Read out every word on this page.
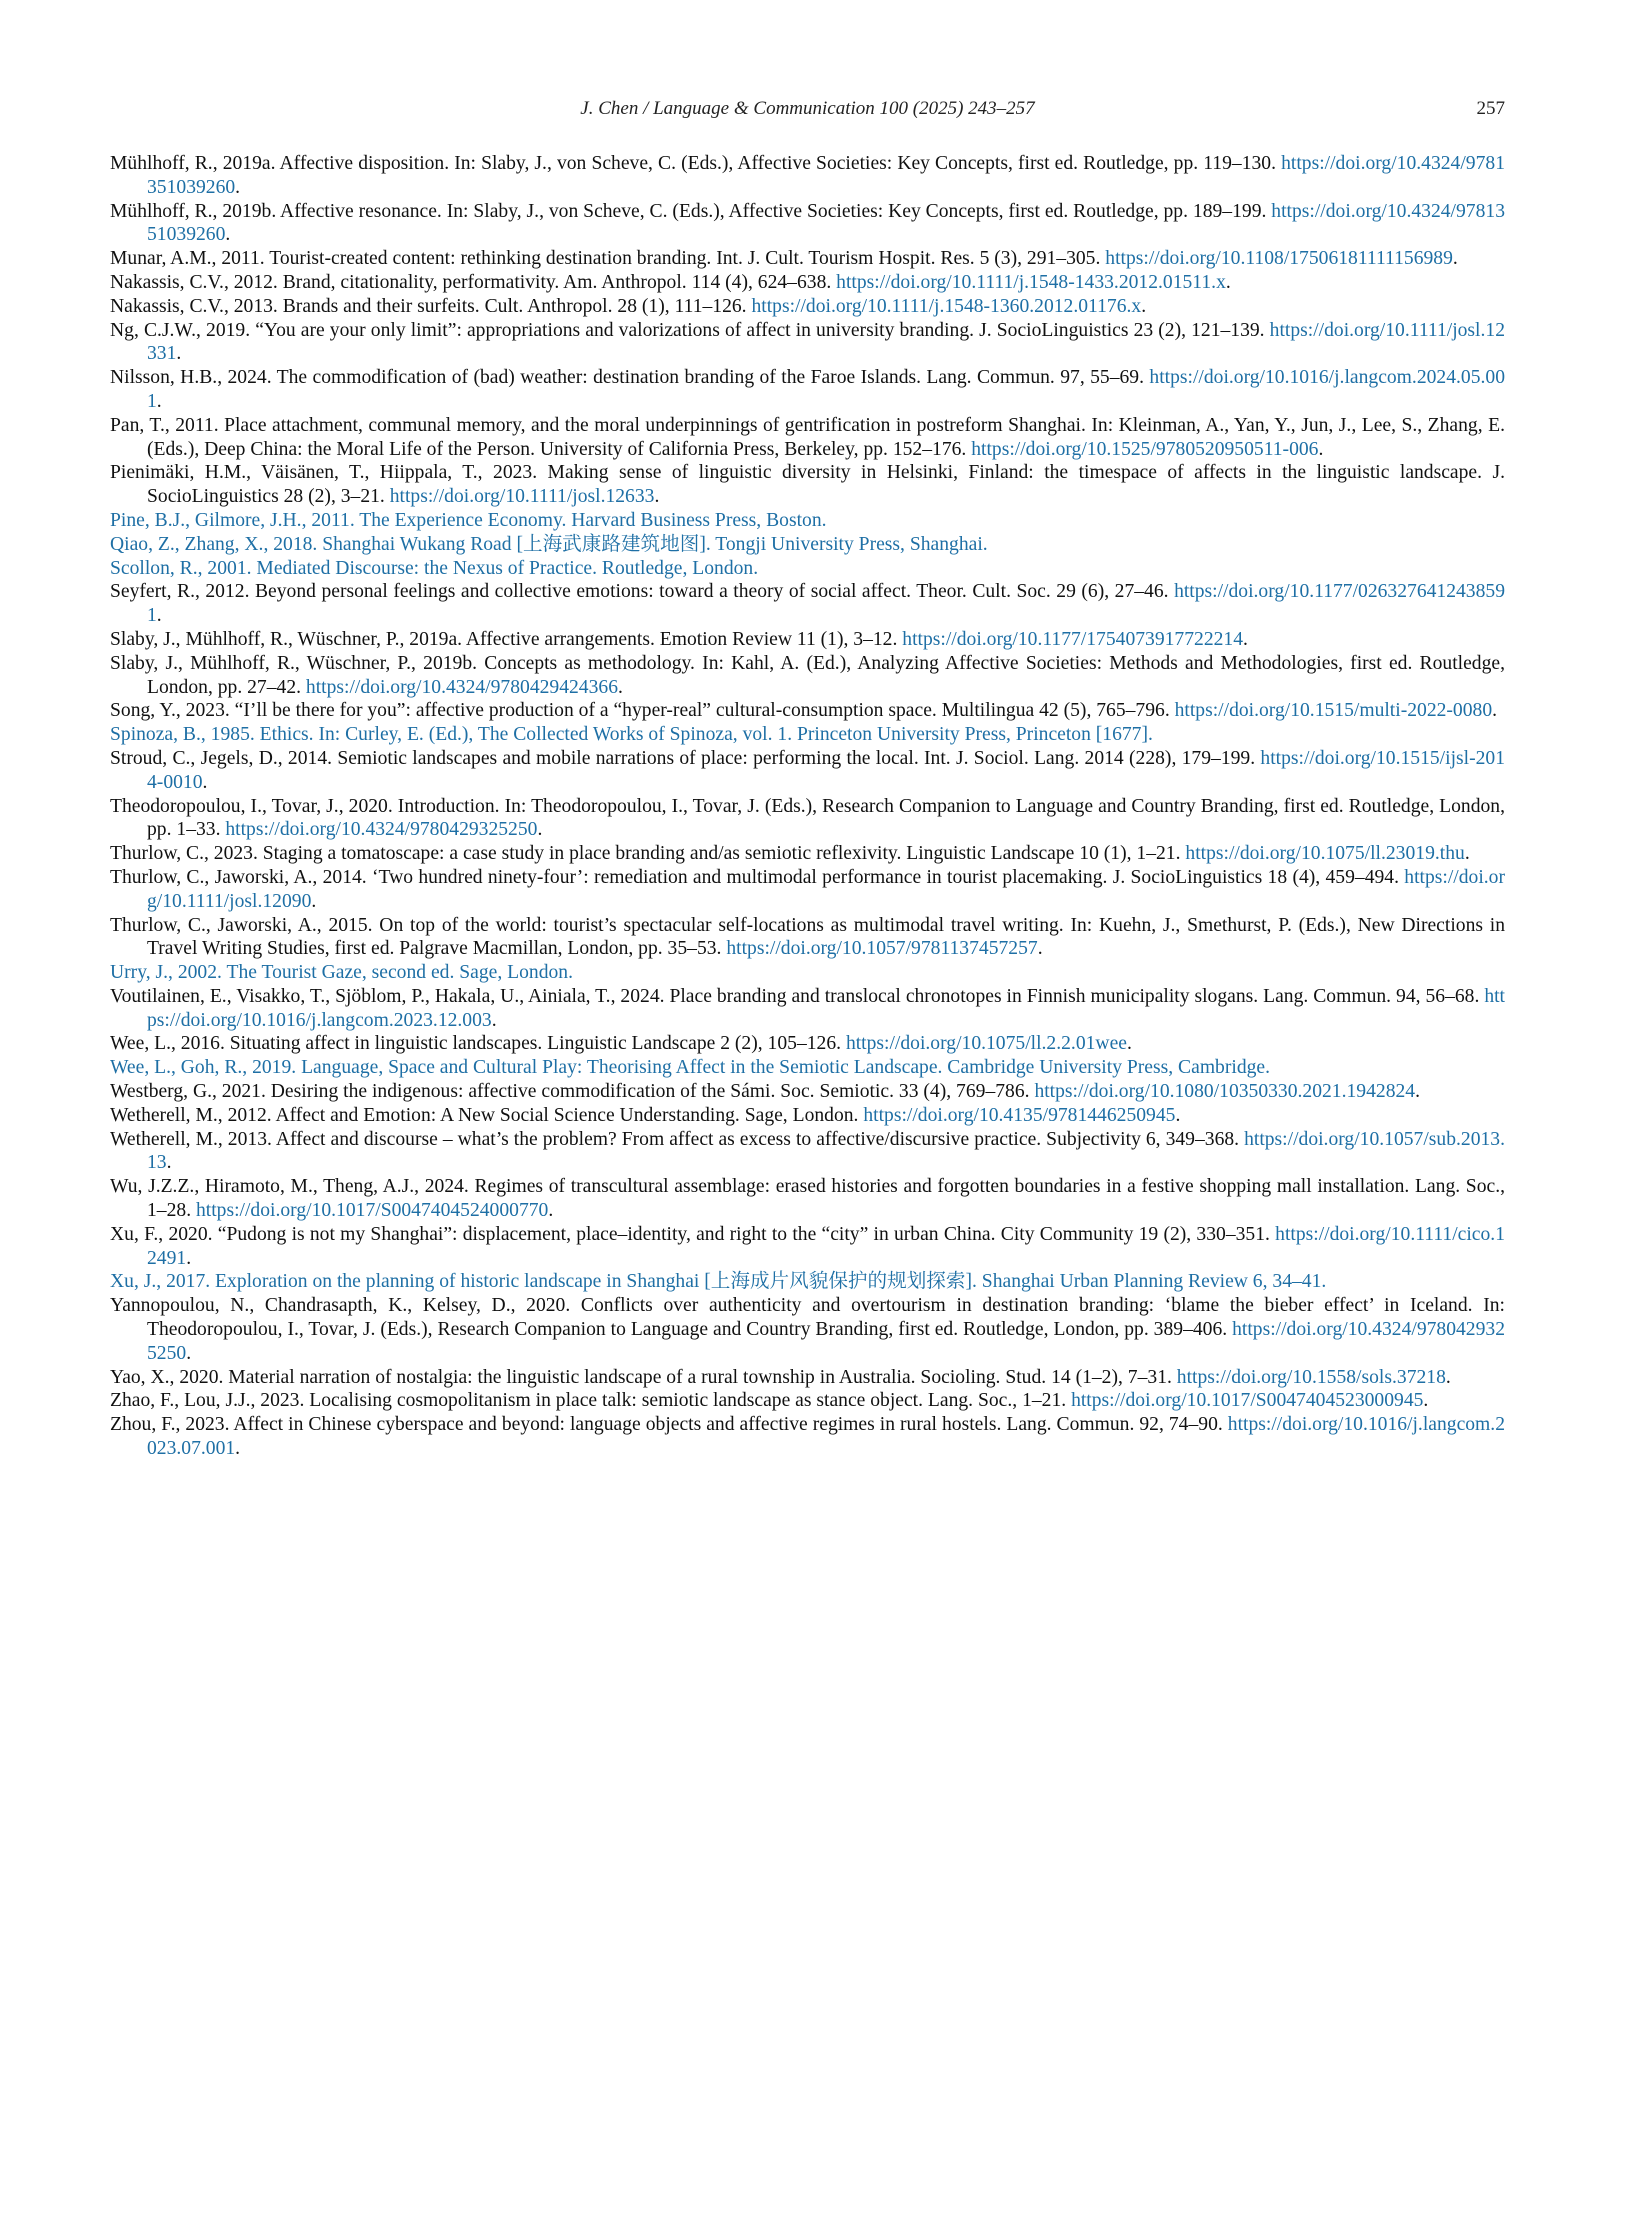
J. Chen / Language & Communication 100 (2025) 243–257	257

Mühlhoff, R., 2019a. Affective disposition. In: Slaby, J., von Scheve, C. (Eds.), Affective Societies: Key Concepts, first ed. Routledge, pp. 119–130. https://doi.org/10.4324/9781351039260.

Mühlhoff, R., 2019b. Affective resonance. In: Slaby, J., von Scheve, C. (Eds.), Affective Societies: Key Concepts, first ed. Routledge, pp. 189–199. https://doi.org/10.4324/9781351039260.

Munar, A.M., 2011. Tourist-created content: rethinking destination branding. Int. J. Cult. Tourism Hospit. Res. 5 (3), 291–305. https://doi.org/10.1108/17506181111156989.

Nakassis, C.V., 2012. Brand, citationality, performativity. Am. Anthropol. 114 (4), 624–638. https://doi.org/10.1111/j.1548-1433.2012.01511.x.

Nakassis, C.V., 2013. Brands and their surfeits. Cult. Anthropol. 28 (1), 111–126. https://doi.org/10.1111/j.1548-1360.2012.01176.x.

Ng, C.J.W., 2019. “You are your only limit”: appropriations and valorizations of affect in university branding. J. SocioLinguistics 23 (2), 121–139. https://doi.org/10.1111/josl.12331.

Nilsson, H.B., 2024. The commodification of (bad) weather: destination branding of the Faroe Islands. Lang. Commun. 97, 55–69. https://doi.org/10.1016/j.langcom.2024.05.001.

Pan, T., 2011. Place attachment, communal memory, and the moral underpinnings of gentrification in postreform Shanghai. In: Kleinman, A., Yan, Y., Jun, J., Lee, S., Zhang, E. (Eds.), Deep China: the Moral Life of the Person. University of California Press, Berkeley, pp. 152–176. https://doi.org/10.1525/9780520950511-006.

Pienimäki, H.M., Väisänen, T., Hiippala, T., 2023. Making sense of linguistic diversity in Helsinki, Finland: the timespace of affects in the linguistic landscape. J. SocioLinguistics 28 (2), 3–21. https://doi.org/10.1111/josl.12633.

Pine, B.J., Gilmore, J.H., 2011. The Experience Economy. Harvard Business Press, Boston.

Qiao, Z., Zhang, X., 2018. Shanghai Wukang Road [上海武康路建筑地图]. Tongji University Press, Shanghai.

Scollon, R., 2001. Mediated Discourse: the Nexus of Practice. Routledge, London.

Seyfert, R., 2012. Beyond personal feelings and collective emotions: toward a theory of social affect. Theor. Cult. Soc. 29 (6), 27–46. https://doi.org/10.1177/0263276412438591.

Slaby, J., Mühlhoff, R., Wüschner, P., 2019a. Affective arrangements. Emotion Review 11 (1), 3–12. https://doi.org/10.1177/1754073917722214.

Slaby, J., Mühlhoff, R., Wüschner, P., 2019b. Concepts as methodology. In: Kahl, A. (Ed.), Analyzing Affective Societies: Methods and Methodologies, first ed. Routledge, London, pp. 27–42. https://doi.org/10.4324/9780429424366.

Song, Y., 2023. “I’ll be there for you”: affective production of a “hyper-real” cultural-consumption space. Multilingua 42 (5), 765–796. https://doi.org/10.1515/multi-2022-0080.

Spinoza, B., 1985. Ethics. In: Curley, E. (Ed.), The Collected Works of Spinoza, vol. 1. Princeton University Press, Princeton [1677].

Stroud, C., Jegels, D., 2014. Semiotic landscapes and mobile narrations of place: performing the local. Int. J. Sociol. Lang. 2014 (228), 179–199. https://doi.org/10.1515/ijsl-2014-0010.

Theodoropoulou, I., Tovar, J., 2020. Introduction. In: Theodoropoulou, I., Tovar, J. (Eds.), Research Companion to Language and Country Branding, first ed. Routledge, London, pp. 1–33. https://doi.org/10.4324/9780429325250.

Thurlow, C., 2023. Staging a tomatoscape: a case study in place branding and/as semiotic reflexivity. Linguistic Landscape 10 (1), 1–21. https://doi.org/10.1075/ll.23019.thu.

Thurlow, C., Jaworski, A., 2014. ‘Two hundred ninety-four’: remediation and multimodal performance in tourist placemaking. J. SocioLinguistics 18 (4), 459–494. https://doi.org/10.1111/josl.12090.

Thurlow, C., Jaworski, A., 2015. On top of the world: tourist’s spectacular self-locations as multimodal travel writing. In: Kuehn, J., Smethurst, P. (Eds.), New Directions in Travel Writing Studies, first ed. Palgrave Macmillan, London, pp. 35–53. https://doi.org/10.1057/9781137457257.

Urry, J., 2002. The Tourist Gaze, second ed. Sage, London.

Voutilainen, E., Visakko, T., Sjöblom, P., Hakala, U., Ainiala, T., 2024. Place branding and translocal chronotopes in Finnish municipality slogans. Lang. Commun. 94, 56–68. https://doi.org/10.1016/j.langcom.2023.12.003.

Wee, L., 2016. Situating affect in linguistic landscapes. Linguistic Landscape 2 (2), 105–126. https://doi.org/10.1075/ll.2.2.01wee.

Wee, L., Goh, R., 2019. Language, Space and Cultural Play: Theorising Affect in the Semiotic Landscape. Cambridge University Press, Cambridge.

Westberg, G., 2021. Desiring the indigenous: affective commodification of the Sámi. Soc. Semiotic. 33 (4), 769–786. https://doi.org/10.1080/10350330.2021.1942824.

Wetherell, M., 2012. Affect and Emotion: A New Social Science Understanding. Sage, London. https://doi.org/10.4135/9781446250945.

Wetherell, M., 2013. Affect and discourse – what’s the problem? From affect as excess to affective/discursive practice. Subjectivity 6, 349–368. https://doi.org/10.1057/sub.2013.13.

Wu, J.Z.Z., Hiramoto, M., Theng, A.J., 2024. Regimes of transcultural assemblage: erased histories and forgotten boundaries in a festive shopping mall installation. Lang. Soc., 1–28. https://doi.org/10.1017/S0047404524000770.

Xu, F., 2020. “Pudong is not my Shanghai”: displacement, place–identity, and right to the “city” in urban China. City Community 19 (2), 330–351. https://doi.org/10.1111/cico.12491.

Xu, J., 2017. Exploration on the planning of historic landscape in Shanghai [上海成片风貌保护的规划探索]. Shanghai Urban Planning Review 6, 34–41.

Yannopoulou, N., Chandrasapth, K., Kelsey, D., 2020. Conflicts over authenticity and overtourism in destination branding: ‘blame the bieber effect’ in Iceland. In: Theodoropoulou, I., Tovar, J. (Eds.), Research Companion to Language and Country Branding, first ed. Routledge, London, pp. 389–406. https://doi.org/10.4324/9780429325250.

Yao, X., 2020. Material narration of nostalgia: the linguistic landscape of a rural township in Australia. Socioling. Stud. 14 (1–2), 7–31. https://doi.org/10.1558/sols.37218.

Zhao, F., Lou, J.J., 2023. Localising cosmopolitanism in place talk: semiotic landscape as stance object. Lang. Soc., 1–21. https://doi.org/10.1017/S0047404523000945.

Zhou, F., 2023. Affect in Chinese cyberspace and beyond: language objects and affective regimes in rural hostels. Lang. Commun. 92, 74–90. https://doi.org/10.1016/j.langcom.2023.07.001.
